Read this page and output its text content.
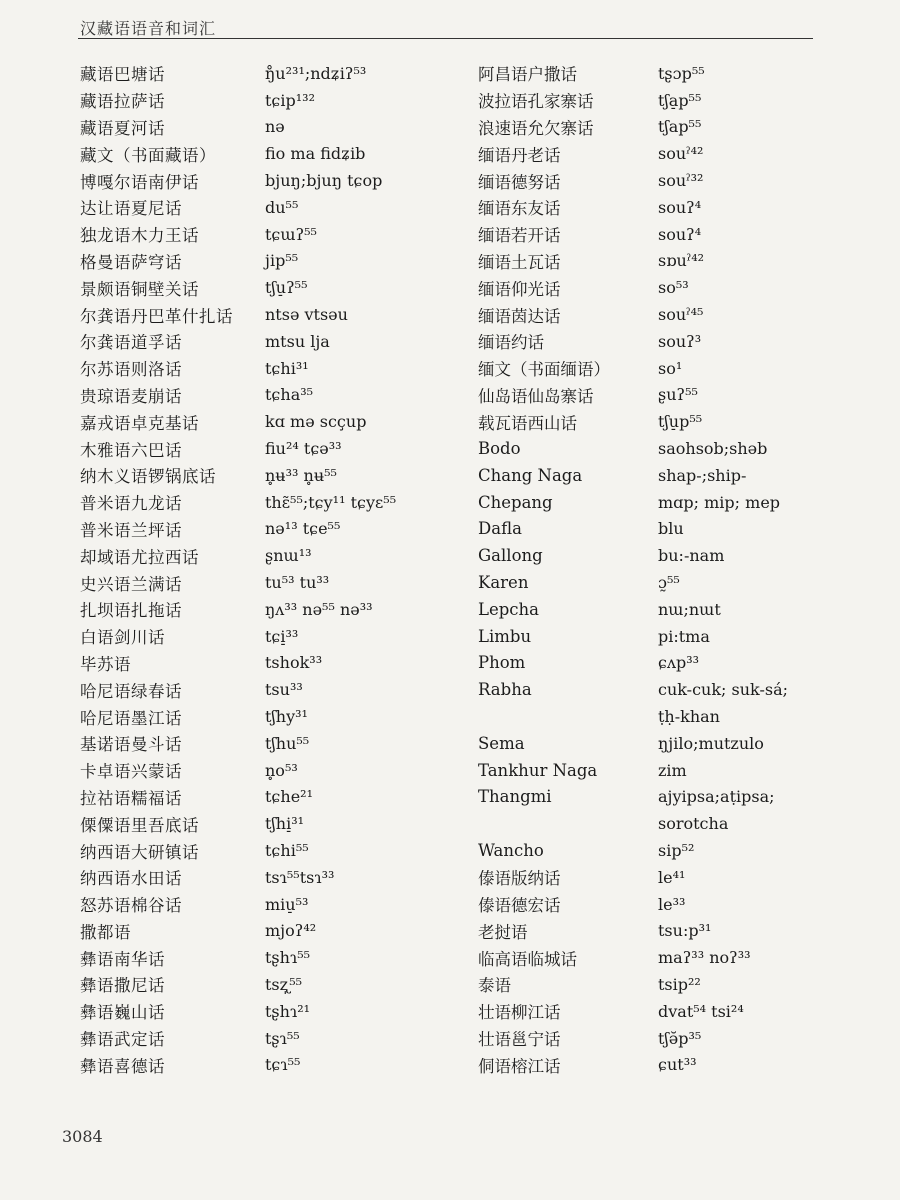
汉藏语语音和词汇
藏语巴塘话	ŋ̊u²³¹;ndʑiʔ⁵³
藏语拉萨话	tɕip¹³²
藏语夏河话	nə
藏文（书面藏语）	fio ma fidʑib
博嘎尔语南伊话	bjuŋ;bjuŋ tɕop
达让语夏尼话	du⁵⁵
独龙语木力王话	tɕɯʔ⁵⁵
格曼语萨穹话	jip⁵⁵
景颇语铜壁关话	tʃu̠ʔ⁵⁵
尔龚语丹巴革什扎话	ntsə vtsəu
尔龚语道孚话	mtsu lja
尔苏语则洛话	tɕhi³¹
贵琼语麦崩话	tɕha³⁵
嘉戎语卓克基话	kɑ mə scçup
木雅语六巴话	fiu²⁴ tɕə³³
纳木义语锣锅底话	n̥ʉ³³ n̥ʉ⁵⁵
普米语九龙话	thɛ̃⁵⁵;tɕy¹¹ tɕyɛ⁵⁵
普米语兰坪话	nə¹³ tɕe⁵⁵
却域语尤拉西话	ʂnɯ¹³
史兴语兰满话	tu⁵³ tu³³
扎坝语扎拖话	ŋʌ³³ nə⁵⁵ nə³³
白语剑川话	tɕi̠³³
毕苏语	tshok³³
哈尼语绿春话	tsu³³
哈尼语墨江话	tʃhy³¹
基诺语曼斗话	tʃhu⁵⁵
卡卓语兴蒙话	n̥o⁵³
拉祜语糯福话	tɕhe²¹
傈僳语里吾底话	tʃhi̠³¹
纳西语大研镇话	tɕhi⁵⁵
纳西语水田话	tsɿ⁵⁵tsɿ³³
怒苏语棉谷话	miu̠⁵³
撒都语	mjoʔ⁴²
彝语南华话	tʂhɿ⁵⁵
彝语撒尼话	tsʐ̩⁵⁵
彝语巍山话	tʂhɿ²¹
彝语武定话	tʂɿ⁵⁵
彝语喜德话	tɕɿ⁵⁵
阿昌语户撒话	tʂɔp⁵⁵
波拉语孔家寨话	tʃa̠p⁵⁵
浪速语允欠寨话	tʃap⁵⁵
缅语丹老话	souˀ⁴²
缅语德努话	souˀ³²
缅语东友话	souʔ⁴
缅语若开话	souʔ⁴
缅语土瓦话	sɒuˀ⁴²
缅语仰光话	so⁵³
缅语茵达话	souˀ⁴⁵
缅语约话	souʔ³
缅文（书面缅语）	so¹
仙岛语仙岛寨话	ʂuʔ⁵⁵
载瓦语西山话	tʃu̠p⁵⁵
Bodo	saohsob;shəb
Chang Naga	shap-;ship-
Chepang	mɑp; mip; mep
Dafla	blu
Gallong	bu:-nam
Karen	ɔ̰⁵⁵
Lepcha	nɯ;nɯt
Limbu	pi:tma
Phom	ɕʌp³³
Rabha	cuk-cuk; suk-sá;
ṭḥ-khan
Sema	ŋjilo;mutzulo
Tankhur Naga	zim
Thangmi	ajyipsa;aṭipsa;
sorotcha
Wancho	sip⁵²
傣语版纳话	le⁴¹
傣语德宏话	le³³
老挝语	tsu:p³¹
临高语临城话	maʔ³³ noʔ³³
泰语	tsip²²
壮语柳江话	dvat⁵⁴ tsi²⁴
壮语邕宁话	tʃə̆p³⁵
侗语榕江话	ɕut³³
3084
